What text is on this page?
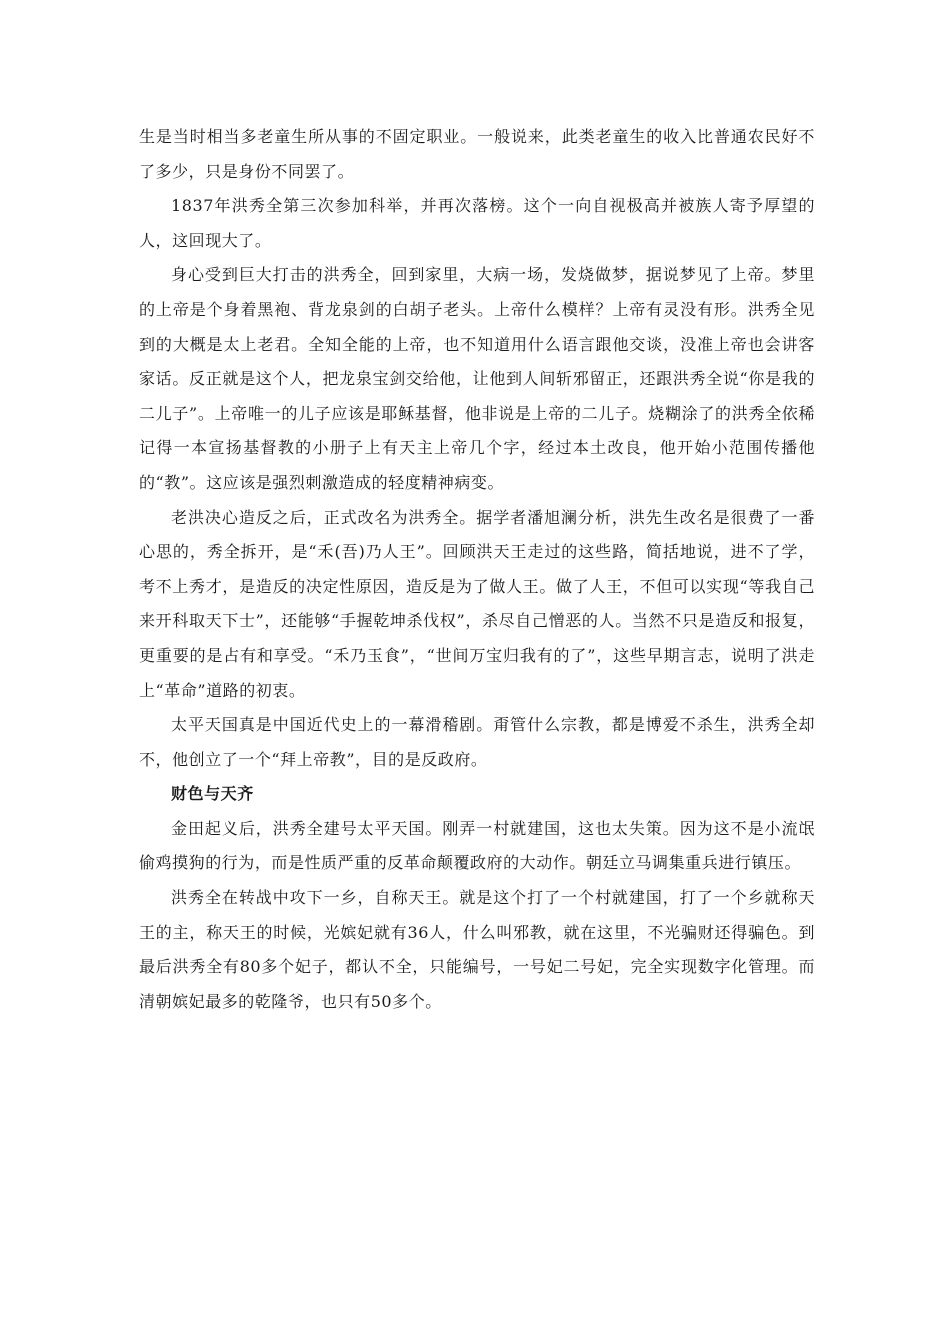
生是当时相当多老童生所从事的不固定职业。一般说来，此类老童生的收入比普通农民好不了多少，只是身份不同罢了。

1837年洪秀全第三次参加科举，并再次落榜。这个一向自视极高并被族人寄予厚望的人，这回现大了。

身心受到巨大打击的洪秀全，回到家里，大病一场，发烧做梦，据说梦见了上帝。梦里的上帝是个身着黑袍、背龙泉剑的白胡子老头。上帝什么模样？上帝有灵没有形。洪秀全见到的大概是太上老君。全知全能的上帝，也不知道用什么语言跟他交谈，没准上帝也会讲客家话。反正就是这个人，把龙泉宝剑交给他，让他到人间斩邪留正，还跟洪秀全说“你是我的二儿子”。上帝唯一的儿子应该是耶稣基督，他非说是上帝的二儿子。烧糊涂了的洪秀全依稀记得一本宣扬基督教的小册子上有天主上帝几个字，经过本土改良，他开始小范围传播他的“教”。这应该是强烈刺激造成的轻度精神病变。

老洪决心造反之后，正式改名为洪秀全。据学者潘旭澜分析，洪先生改名是很费了一番心思的，秀全拆开，是“禾(吾)乃人王”。回顾洪天王走过的这些路，简括地说，进不了学，考不上秀才，是造反的决定性原因，造反是为了做人王。做了人王，不但可以实现“等我自己来开科取天下士”，还能够“手握乾坤杀伐权”，杀尽自己憎恶的人。当然不只是造反和报复，更重要的是占有和享受。“禾乃玉食”，“世间万宝归我有的了”，这些早期言志，说明了洪走上“革命”道路的初衷。

太平天国真是中国近代史上的一幕滑稽剧。甭管什么宗教，都是博爱不杀生，洪秀全却不，他创立了一个“拜上帝教”，目的是反政府。

财色与天齐

金田起义后，洪秀全建号太平天国。刚弄一村就建国，这也太失策。因为这不是小流氓偷鸡摸狗的行为，而是性质严重的反革命颠覆政府的大动作。朝廷立马调集重兵进行镇压。

洪秀全在转战中攻下一乡，自称天王。就是这个打了一个村就建国，打了一个乡就称天王的主，称天王的时候，光嫔妃就有36人，什么叫邪教，就在这里，不光骗财还得骗色。到最后洪秀全有80多个妃子，都认不全，只能编号，一号妃二号妃，完全实现数字化管理。而清朝嫔妃最多的乾隆爷，也只有50多个。
